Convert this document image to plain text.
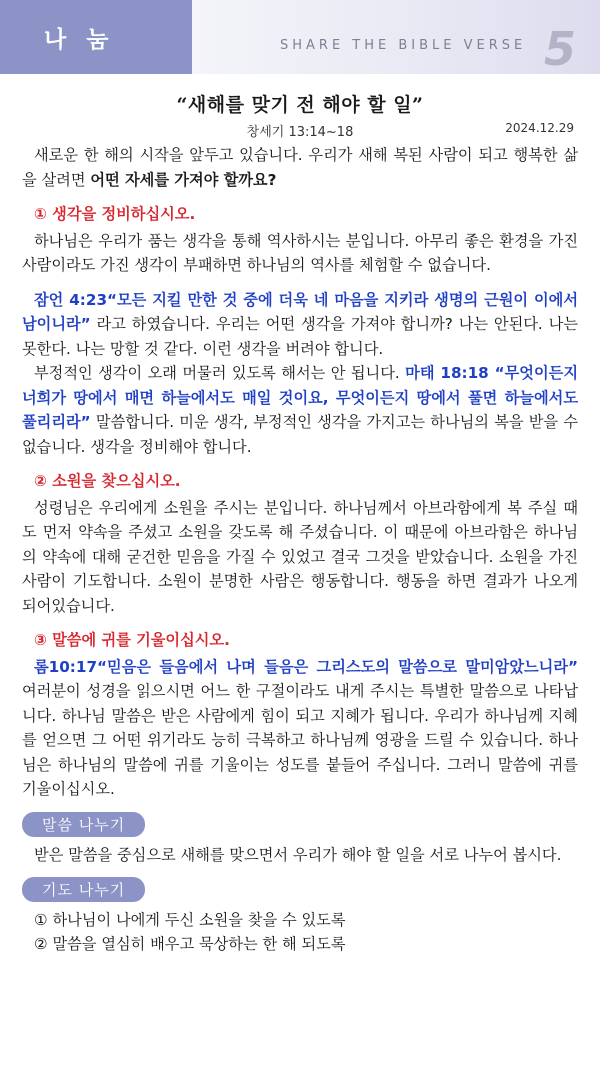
나 눔	SHARE THE BIBLE VERSE 5
“새해를 맞기 전 해야 할 일”
창세기 13:14~18	2024.12.29

새로운 한 해의 시작을 앞두고 있습니다. 우리가 새해 복된 사람이 되고 행복한 삶을 살려면 어떤 자세를 가져야 할까요?

① 생각을 정비하십시오.

하나님은 우리가 품는 생각을 통해 역사하시는 분입니다. 아무리 좋은 환경을 가진 사람이라도 가진 생각이 부패하면 하나님의 역사를 체험할 수 없습니다.

잠언 4:23“모든 지킬 만한 것 중에 더욱 네 마음을 지키라 생명의 근원이 이에서 남이니라” 라고 하였습니다. 우리는 어떤 생각을 가져야 합니까? 나는 안된다. 나는 못한다. 나는 망할 것 같다. 이런 생각을 버려야 합니다.

부정적인 생각이 오래 머물러 있도록 해서는 안 됩니다. 마태 18:18 “무엇이든지 너희가 땅에서 매면 하늘에서도 매일 것이요, 무엇이든지 땅에서 풀면 하늘에서도 풀리리라” 말씀합니다. 미운 생각, 부정적인 생각을 가지고는 하나님의 복을 받을 수 없습니다. 생각을 정비해야 합니다.

② 소원을 찾으십시오.

성령님은 우리에게 소원을 주시는 분입니다. 하나님께서 아브라함에게 복 주실 때도 먼저 약속을 주셨고 소원을 갖도록 해 주셨습니다. 이 때문에 아브라함은 하나님의 약속에 대해 굳건한 믿음을 가질 수 있었고 결국 그것을 받았습니다. 소원을 가진 사람이 기도합니다. 소원이 분명한 사람은 행동합니다. 행동을 하면 결과가 나오게 되어있습니다.

③ 말씀에 귀를 기울이십시오.

롬10:17“믿음은 들음에서 나며 들음은 그리스도의 말씀으로 말미암았느니라” 여러분이 성경을 읽으시면 어느 한 구절이라도 내게 주시는 특별한 말씀으로 나타납니다. 하나님 말씀은 받은 사람에게 힘이 되고 지혜가 됩니다. 우리가 하나님께 지혜를 얻으면 그 어떤 위기라도 능히 극복하고 하나님께 영광을 드릴 수 있습니다. 하나님은 하나님의 말씀에 귀를 기울이는 성도를 붙들어 주십니다. 그러니 말씀에 귀를 기울이십시오.

말씀 나누기

받은 말씀을 중심으로 새해를 맞으면서 우리가 해야 할 일을 서로 나누어 봅시다.

기도 나누기
① 하나님이 나에게 두신 소원을 찾을 수 있도록
② 말씀을 열심히 배우고 묵상하는 한 해 되도록
